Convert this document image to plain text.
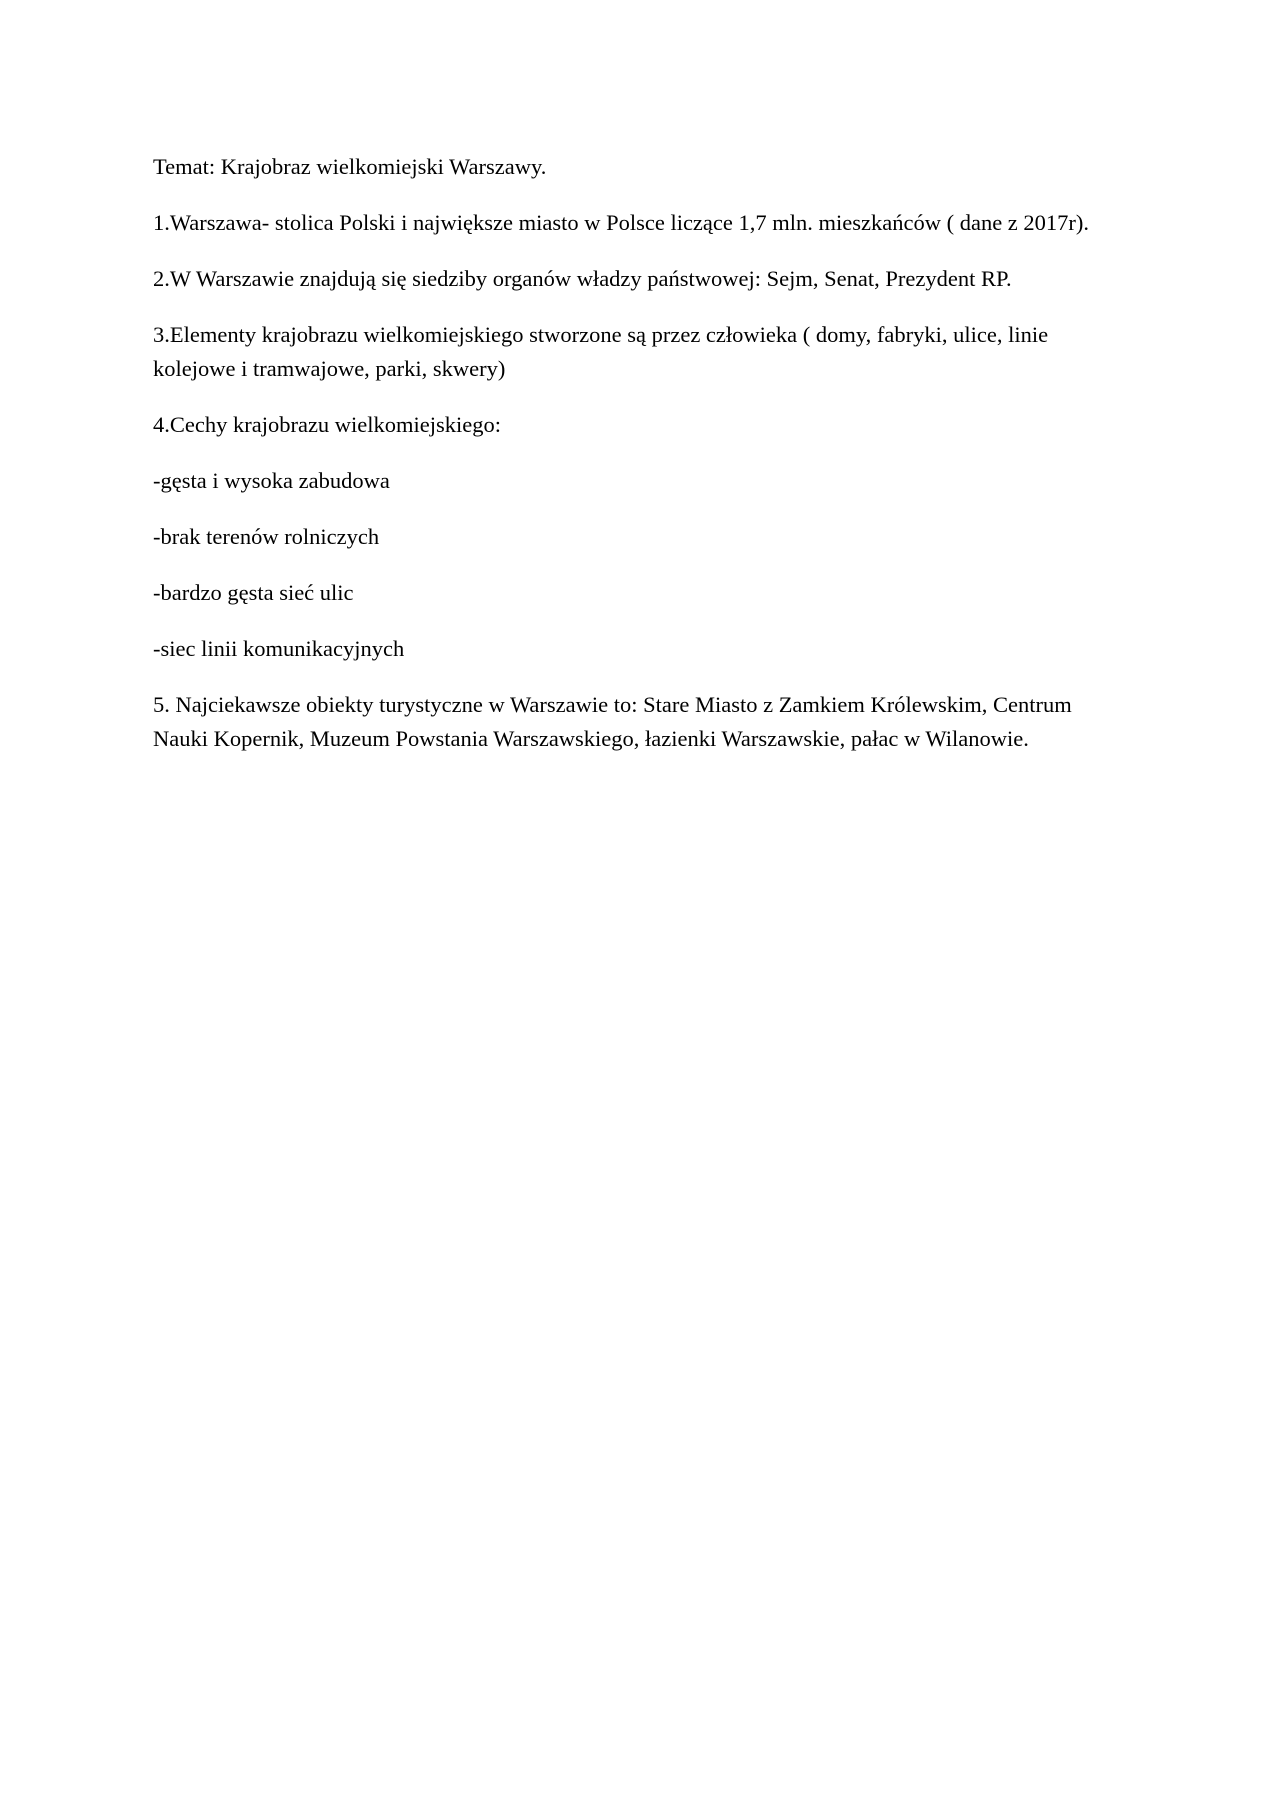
Temat: Krajobraz wielkomiejski Warszawy.

1.Warszawa- stolica Polski i największe miasto w Polsce liczące 1,7 mln. mieszkańców ( dane z 2017r).

2.W Warszawie znajdują się siedziby organów władzy państwowej: Sejm, Senat, Prezydent RP.

3.Elementy krajobrazu wielkomiejskiego stworzone są przez człowieka ( domy, fabryki, ulice, linie kolejowe i tramwajowe, parki, skwery)

4.Cechy krajobrazu wielkomiejskiego:

-gęsta i wysoka zabudowa

-brak terenów rolniczych

-bardzo gęsta sieć ulic

-siec linii komunikacyjnych

5. Najciekawsze obiekty turystyczne w Warszawie to: Stare Miasto z Zamkiem Królewskim, Centrum Nauki Kopernik, Muzeum Powstania Warszawskiego, łazienki Warszawskie, pałac w Wilanowie.
